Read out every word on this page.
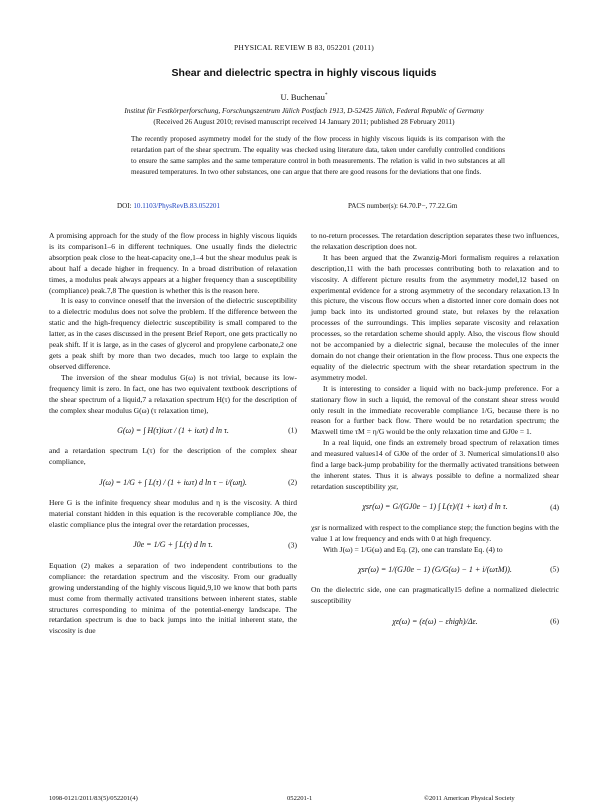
PHYSICAL REVIEW B 83, 052201 (2011)
Shear and dielectric spectra in highly viscous liquids
U. Buchenau*
Institut für Festkörperforschung, Forschungszentrum Jülich Postfach 1913, D-52425 Jülich, Federal Republic of Germany
(Received 26 August 2010; revised manuscript received 14 January 2011; published 28 February 2011)
The recently proposed asymmetry model for the study of the flow process in highly viscous liquids is its comparison with the retardation part of the shear spectrum. The equality was checked using literature data, taken under carefully controlled conditions to ensure the same samples and the same temperature control in both measurements. The relation is valid in two substances at all measured temperatures. In two other substances, one can argue that there are good reasons for the deviations that one finds.
DOI: 10.1103/PhysRevB.83.052201	PACS number(s): 64.70.P−, 77.22.Gm

A promising approach for the study of the flow process in highly viscous liquids is its comparison1–6 in different techniques. One usually finds the dielectric absorption peak close to the heat-capacity one,1–4 but the shear modulus peak is about half a decade higher in frequency. In a broad distribution of relaxation times, a modulus peak always appears at a higher frequency than a susceptibility (compliance) peak.7,8 The question is whether this is the reason here.

It is easy to convince oneself that the inversion of the dielectric susceptibility to a dielectric modulus does not solve the problem. If the difference between the static and the high-frequency dielectric susceptibility is small compared to the latter, as in the cases discussed in the present Brief Report, one gets practically no peak shift. If it is large, as in the cases of glycerol and propylene carbonate,2 one gets a peak shift by more than two decades, much too large to explain the observed difference.

The inversion of the shear modulus G(ω) is not trivial, because its low-frequency limit is zero. In fact, one has two equivalent textbook descriptions of the shear spectrum of a liquid,7 a relaxation spectrum H(τ) for the description of the complex shear modulus G(ω) (τ relaxation time),

G(ω) = ∫ H(τ)iωτ / (1 + iωτ) d ln τ.	(1)

and a retardation spectrum L(τ) for the description of the complex shear compliance,

J(ω) = 1/G + ∫ L(τ) / (1 + iωτ) d ln τ − i/(ωη).	(2)

Here G is the infinite frequency shear modulus and η is the viscosity. A third material constant hidden in this equation is the recoverable compliance J0e, the elastic compliance plus the integral over the retardation processes,

J0e = 1/G + ∫ L(τ) d ln τ.	(3)

Equation (2) makes a separation of two independent contributions to the compliance: the retardation spectrum and the viscosity. From our gradually growing understanding of the highly viscous liquid,9,10 we know that both parts must come from thermally activated transitions between inherent states, stable structures corresponding to minima of the potential-energy landscape. The retardation spectrum is due to back jumps into the initial inherent state, the viscosity is due

to no-return processes. The retardation description separates these two influences, the relaxation description does not.

It has been argued that the Zwanzig-Mori formalism requires a relaxation description,11 with the bath processes contributing both to relaxation and to viscosity. A different picture results from the asymmetry model,12 based on experimental evidence for a strong asymmetry of the secondary relaxation.13 In this picture, the viscous flow occurs when a distorted inner core domain does not jump back into its undistorted ground state, but relaxes by the relaxation processes of the surroundings. This implies separate viscosity and relaxation processes, so the retardation scheme should apply. Also, the viscous flow should not be accompanied by a dielectric signal, because the molecules of the inner domain do not change their orientation in the flow process. Thus one expects the equality of the dielectric spectrum with the shear retardation spectrum in the asymmetry model.

It is interesting to consider a liquid with no back-jump preference. For a stationary flow in such a liquid, the removal of the constant shear stress would only result in the immediate recoverable compliance 1/G, because there is no reason for a further back flow. There would be no retardation spectrum; the Maxwell time τM = η/G would be the only relaxation time and GJ0e = 1.

In a real liquid, one finds an extremely broad spectrum of relaxation times and measured values14 of GJ0e of the order of 3. Numerical simulations10 also find a large back-jump probability for the thermally activated transitions between the inherent states. Thus it is always possible to define a normalized shear retardation susceptibility χsr,

χsr(ω) = G/(GJ0e − 1) ∫ L(τ)/(1 + iωτ) d ln τ.	(4)

χsr is normalized with respect to the compliance step; the function begins with the value 1 at low frequency and ends with 0 at high frequency.

With J(ω) = 1/G(ω) and Eq. (2), one can translate Eq. (4) to

χsr(ω) = 1/(GJ0e − 1) (G/G(ω) − 1 + i/(ωτM)).	(5)

On the dielectric side, one can pragmatically15 define a normalized dielectric susceptibility

χε(ω) = (ε(ω) − εhigh)/Δε.	(6)
1098-0121/2011/83(5)/052201(4)	052201-1	©2011 American Physical Society
